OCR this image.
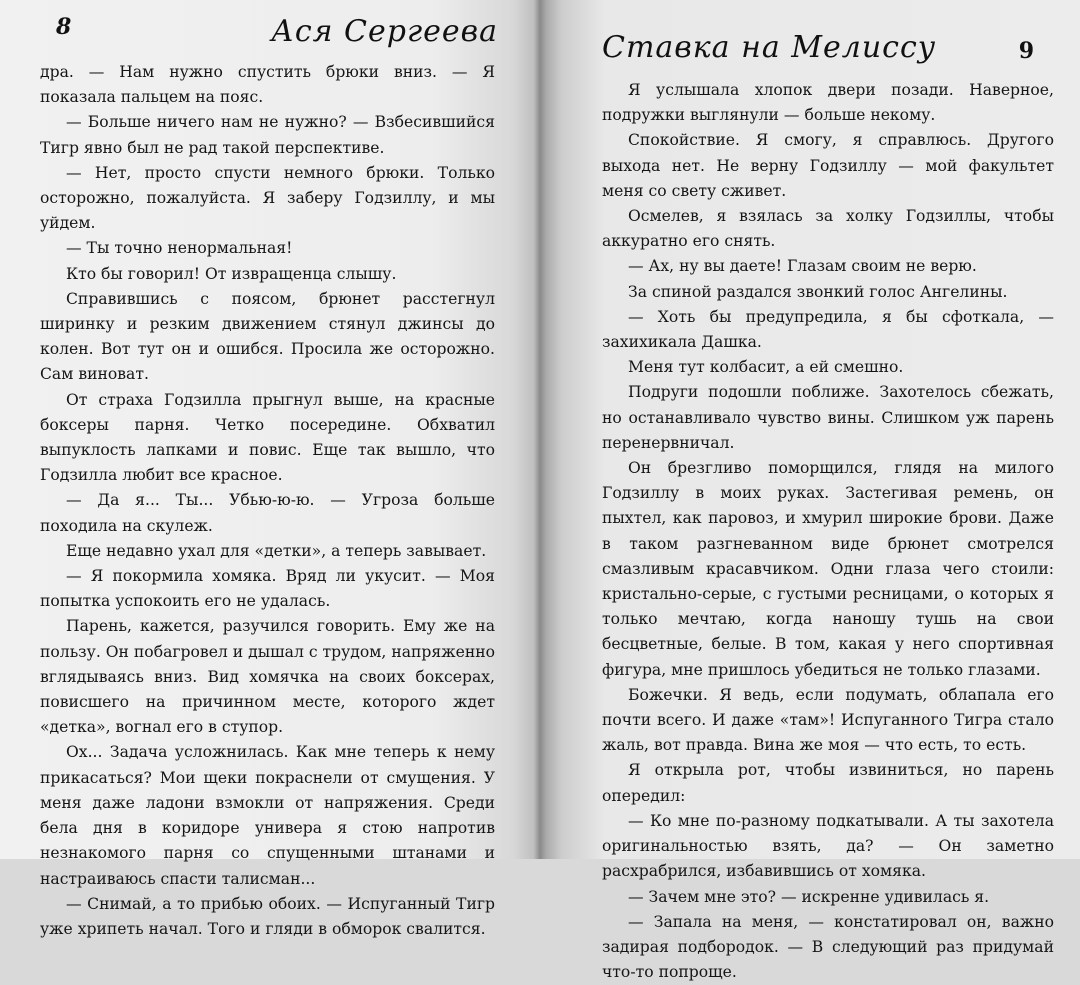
8	Ася Сергеева

дра. — Нам нужно спустить брюки вниз. — Я показала пальцем на пояс.

— Больше ничего нам не нужно? — Взбесившийся Тигр явно был не рад такой перспективе.

— Нет, просто спусти немного брюки. Только осторожно, пожалуйста. Я заберу Годзиллу, и мы уйдем.

— Ты точно ненормальная!

Кто бы говорил! От извращенца слышу.

Справившись с поясом, брюнет расстегнул ширинку и резким движением стянул джинсы до колен. Вот тут он и ошибся. Просила же осторожно. Сам виноват.

От страха Годзилла прыгнул выше, на красные боксеры парня. Четко посередине. Обхватил выпуклость лапками и повис. Еще так вышло, что Годзилла любит все красное.

— Да я... Ты... Убью-ю-ю. — Угроза больше походила на скулеж.

Еще недавно ухал для «детки», а теперь завывает.

— Я покормила хомяка. Вряд ли укусит. — Моя попытка успокоить его не удалась.

Парень, кажется, разучился говорить. Ему же на пользу. Он побагровел и дышал с трудом, напряженно вглядываясь вниз. Вид хомячка на своих боксерах, повисшего на причинном месте, которого ждет «детка», вогнал его в ступор.

Ох... Задача усложнилась. Как мне теперь к нему прикасаться? Мои щеки покраснели от смущения. У меня даже ладони взмокли от напряжения. Среди бела дня в коридоре универа я стою напротив незнакомого парня со спущенными штанами и настраиваюсь спасти талисман...

— Снимай, а то прибью обоих. — Испуганный Тигр уже хрипеть начал. Того и гляди в обморок свалится.

Ставка на Мелиссу	9

Я услышала хлопок двери позади. Наверное, подружки выглянули — больше некому.

Спокойствие. Я смогу, я справлюсь. Другого выхода нет. Не верну Годзиллу — мой факультет меня со свету сживет.

Осмелев, я взялась за холку Годзиллы, чтобы аккуратно его снять.

— Ах, ну вы даете! Глазам своим не верю.

За спиной раздался звонкий голос Ангелины.

— Хоть бы предупредила, я бы сфоткала, — захихикала Дашка.

Меня тут колбасит, а ей смешно.

Подруги подошли поближе. Захотелось сбежать, но останавливало чувство вины. Слишком уж парень перенервничал.

Он брезгливо поморщился, глядя на милого Годзиллу в моих руках. Застегивая ремень, он пыхтел, как паровоз, и хмурил широкие брови. Даже в таком разгневанном виде брюнет смотрелся смазливым красавчиком. Одни глаза чего стоили: кристально-серые, с густыми ресницами, о которых я только мечтаю, когда наношу тушь на свои бесцветные, белые. В том, какая у него спортивная фигура, мне пришлось убедиться не только глазами.

Божечки. Я ведь, если подумать, облапала его почти всего. И даже «там»! Испуганного Тигра стало жаль, вот правда. Вина же моя — что есть, то есть.

Я открыла рот, чтобы извиниться, но парень опередил:

— Ко мне по-разному подкатывали. А ты захотела оригинальностью взять, да? — Он заметно расхрабрился, избавившись от хомяка.

— Зачем мне это? — искренне удивилась я.

— Запала на меня, — констатировал он, важно задирая подбородок. — В следующий раз придумай что-то попроще.
